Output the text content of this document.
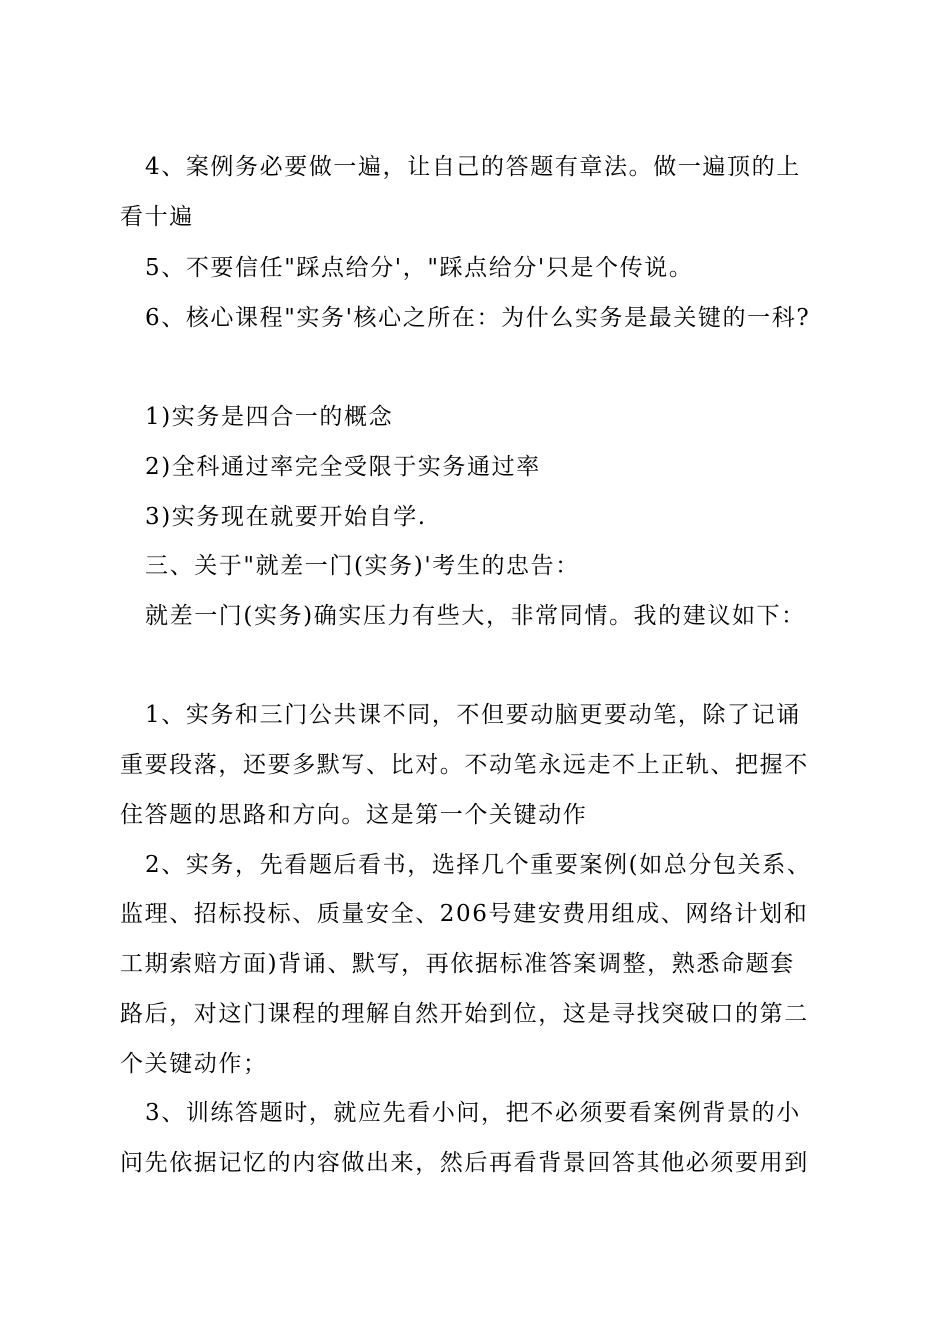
4、案例务必要做一遍，让自己的答题有章法。做一遍顶的上
看十遍
5、不要信任"踩点给分'，"踩点给分'只是个传说。
6、核心课程"实务'核心之所在：为什么实务是最关键的一科?
1)实务是四合一的概念
2)全科通过率完全受限于实务通过率
3)实务现在就要开始自学.
三、关于"就差一门(实务)'考生的忠告：
就差一门(实务)确实压力有些大，非常同情。我的建议如下：
1、实务和三门公共课不同，不但要动脑更要动笔，除了记诵
重要段落，还要多默写、比对。不动笔永远走不上正轨、把握不
住答题的思路和方向。这是第一个关键动作
2、实务，先看题后看书，选择几个重要案例(如总分包关系、
监理、招标投标、质量安全、206号建安费用组成、网络计划和
工期索赔方面)背诵、默写，再依据标准答案调整，熟悉命题套
路后，对这门课程的理解自然开始到位，这是寻找突破口的第二
个关键动作；
3、训练答题时，就应先看小问，把不必须要看案例背景的小
问先依据记忆的内容做出来，然后再看背景回答其他必须要用到
